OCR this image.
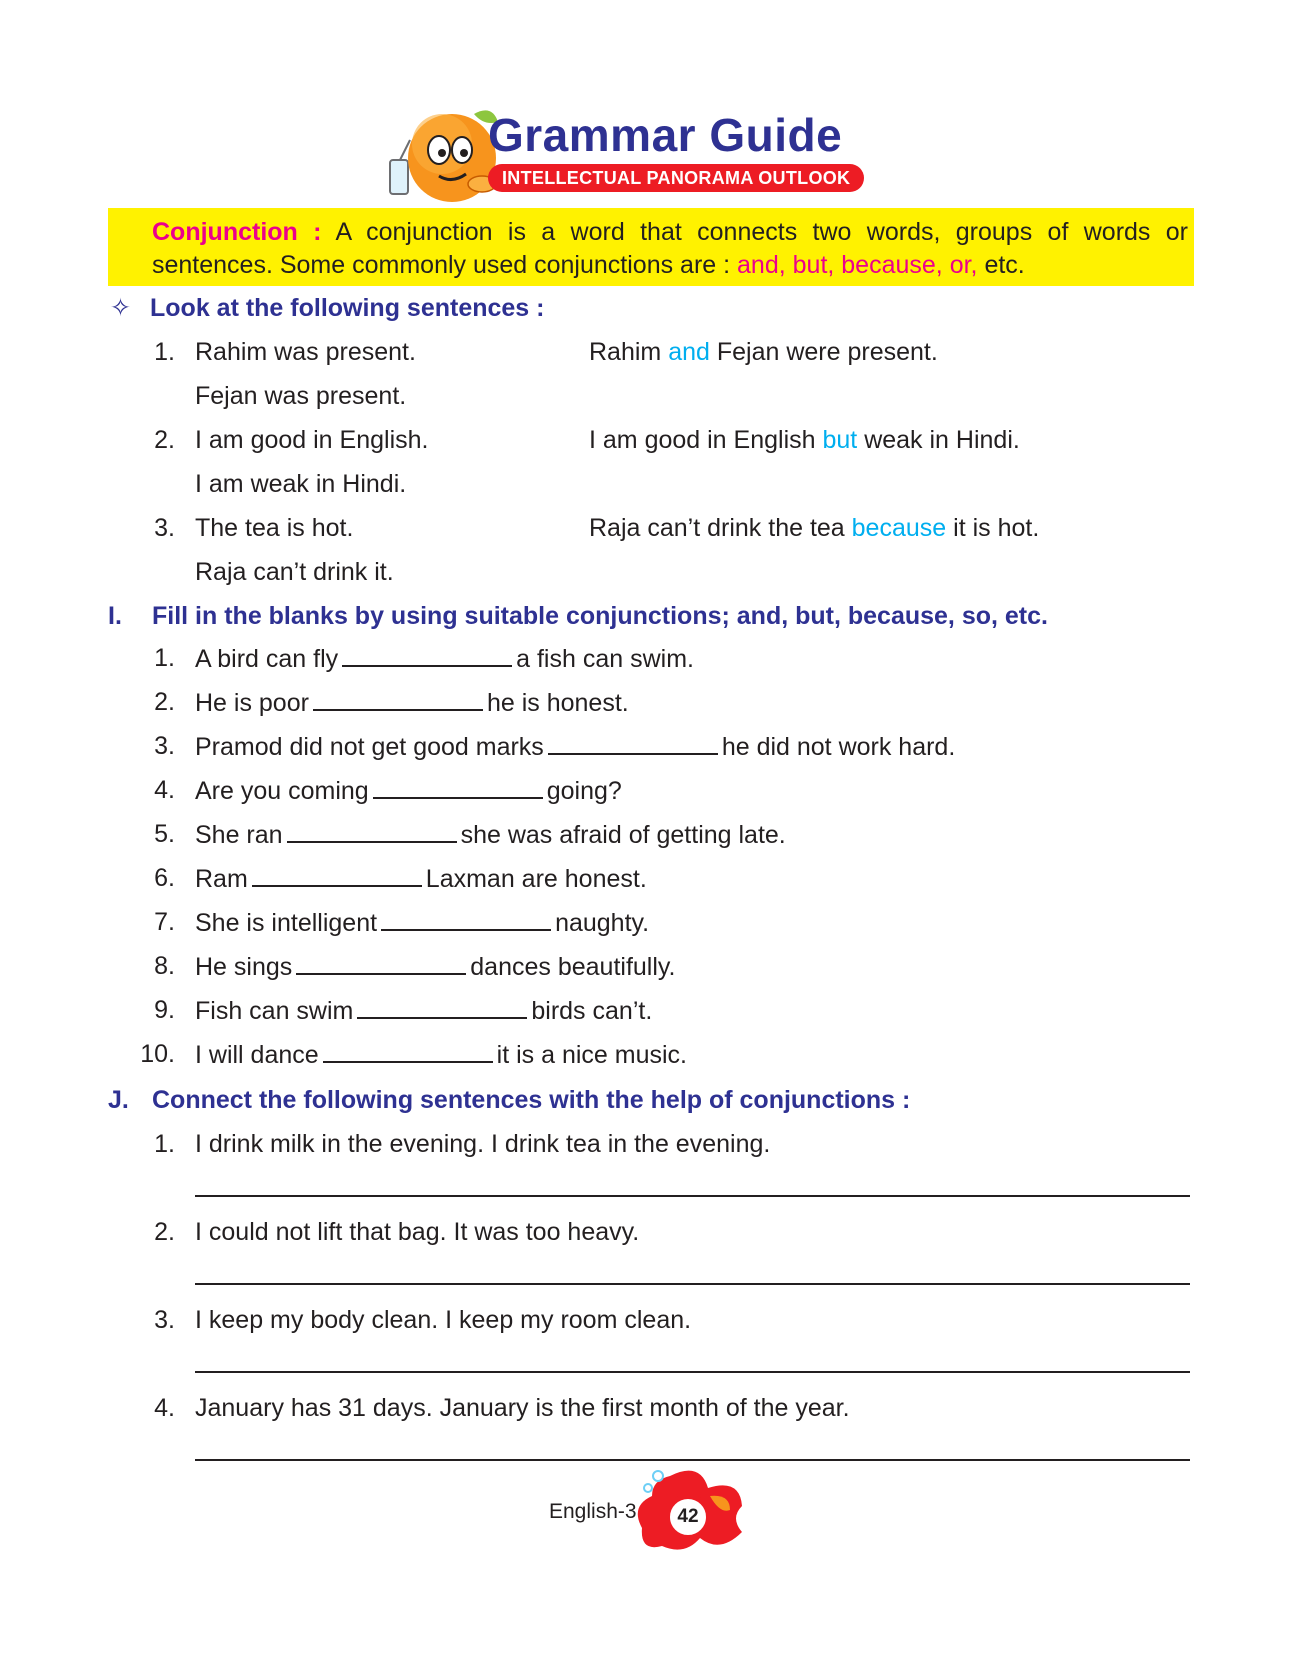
Grammar Guide
INTELLECTUAL PANORAMA OUTLOOK
Conjunction : A conjunction is a word that connects two words, groups of words or sentences. Some commonly used conjunctions are : and, but, because, or, etc.
✧ Look at the following sentences :
1. Rahim was present.
Fejan was present.
Rahim and Fejan were present.
2. I am good in English.
I am weak in Hindi.
I am good in English but weak in Hindi.
3. The tea is hot.
Raja can’t drink it.
Raja can’t drink the tea because it is hot.
I. Fill in the blanks by using suitable conjunctions; and, but, because, so, etc.
1. A bird can fly	a fish can swim.
2. He is poor	he is honest.
3. Pramod did not get good marks	he did not work hard.
4. Are you coming	going?
5. She ran	she was afraid of getting late.
6. Ram	Laxman are honest.
7. She is intelligent	naughty.
8. He sings	dances beautifully.
9. Fish can swim	birds can’t.
10. I will dance	it is a nice music.
J. Connect the following sentences with the help of conjunctions :
1. I drink milk in the evening. I drink tea in the evening.
2. I could not lift that bag. It was too heavy.
3. I keep my body clean. I keep my room clean.
4. January has 31 days. January is the first month of the year.
English-3	42
